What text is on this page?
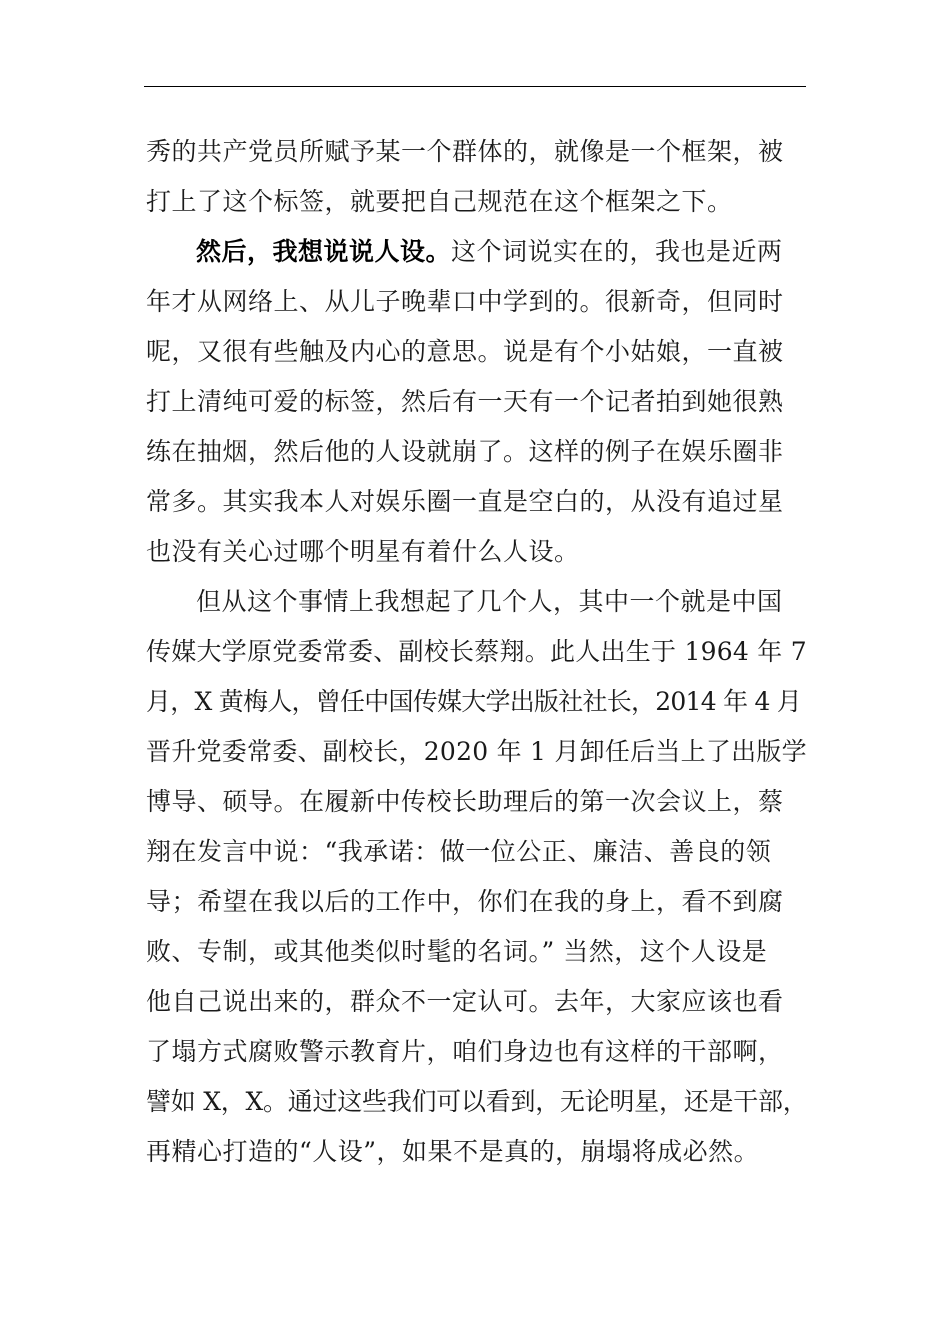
秀的共产党员所赋予某一个群体的，就像是一个框架，被
打上了这个标签，就要把自己规范在这个框架之下。
然后，我想说说人设。这个词说实在的，我也是近两
年才从网络上、从儿子晚辈口中学到的。很新奇，但同时
呢，又很有些触及内心的意思。说是有个小姑娘，一直被
打上清纯可爱的标签，然后有一天有一个记者拍到她很熟
练在抽烟，然后他的人设就崩了。这样的例子在娱乐圈非
常多。其实我本人对娱乐圈一直是空白的，从没有追过星
也没有关心过哪个明星有着什么人设。
但从这个事情上我想起了几个人，其中一个就是中国
传媒大学原党委常委、副校长蔡翔。此人出生于 1964 年 7
月，X 黄梅人，曾任中国传媒大学出版社社长，2014 年 4 月
晋升党委常委、副校长，2020 年 1 月卸任后当上了出版学
博导、硕导。在履新中传校长助理后的第一次会议上，蔡
翔在发言中说：“我承诺：做一位公正、廉洁、善良的领
导；希望在我以后的工作中，你们在我的身上，看不到腐
败、专制，或其他类似时髦的名词。” 当然，这个人设是
他自己说出来的，群众不一定认可。去年，大家应该也看
了塌方式腐败警示教育片，咱们身边也有这样的干部啊，
譬如 X，X。通过这些我们可以看到，无论明星，还是干部，
再精心打造的“人设”，如果不是真的，崩塌将成必然。
